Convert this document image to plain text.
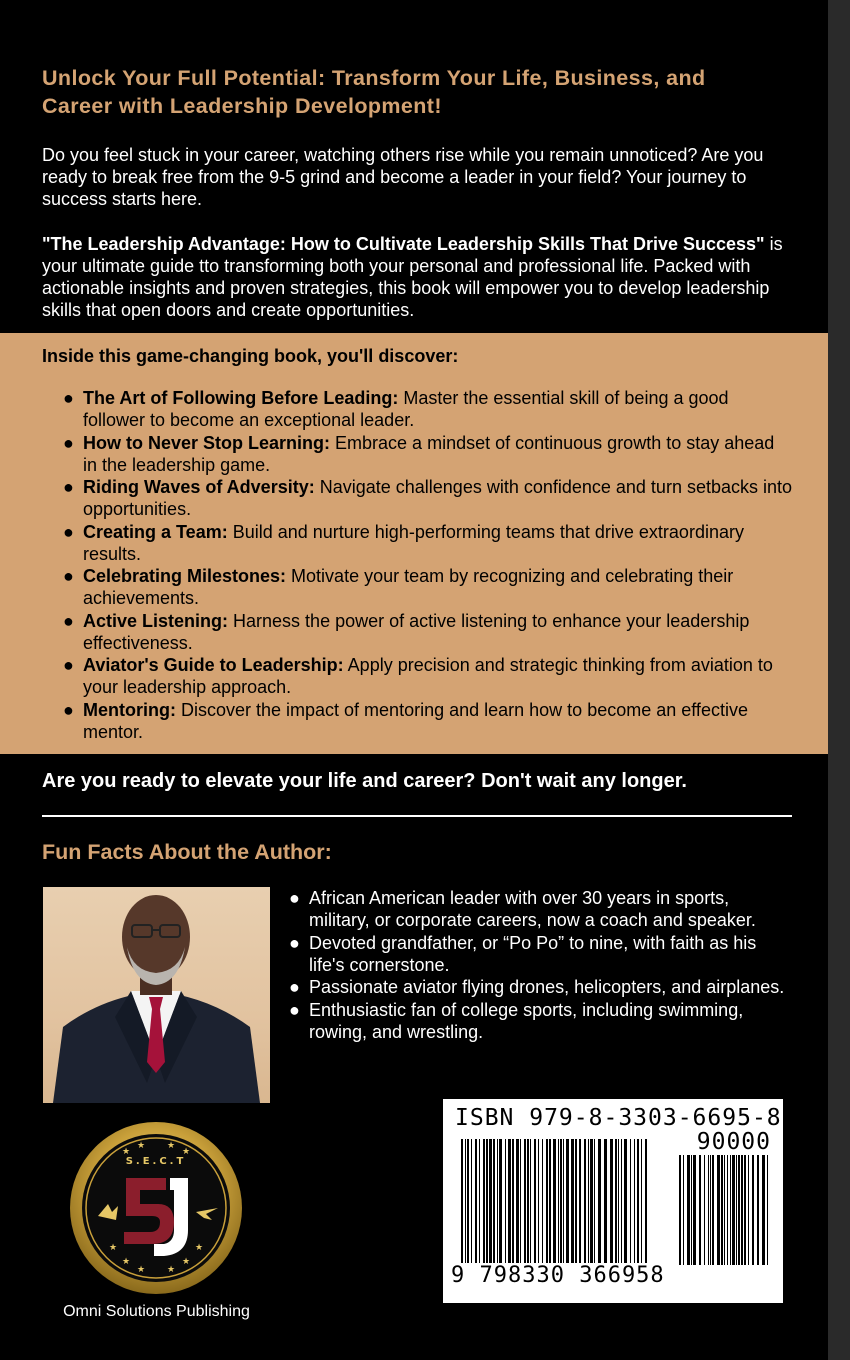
Unlock Your Full Potential: Transform Your Life, Business, and
Career with Leadership Development!
Do you feel stuck in your career, watching others rise while you remain unnoticed? Are you ready to break free from the 9-5 grind and become a leader in your field? Your journey to success starts here.
"The Leadership Advantage: How to Cultivate Leadership Skills That Drive Success" is your ultimate guide tto transforming both your personal and professional life. Packed with actionable insights and proven strategies, this book will empower you to develop leadership skills that open doors and create opportunities.
Inside this game-changing book, you'll discover:
● The Art of Following Before Leading: Master the essential skill of being a good follower to become an exceptional leader.
● How to Never Stop Learning: Embrace a mindset of continuous growth to stay ahead in the leadership game.
● Riding Waves of Adversity: Navigate challenges with confidence and turn setbacks into opportunities.
● Creating a Team: Build and nurture high-performing teams that drive extraordinary results.
● Celebrating Milestones: Motivate your team by recognizing and celebrating their achievements.
● Active Listening: Harness the power of active listening to enhance your leadership effectiveness.
● Aviator's Guide to Leadership: Apply precision and strategic thinking from aviation to your leadership approach.
● Mentoring: Discover the impact of mentoring and learn how to become an effective mentor.
Are you ready to elevate your life and career? Don't wait any longer.
Fun Facts About the Author:
● African American leader with over 30 years in sports, military, or corporate careers, now a coach and speaker.
● Devoted grandfather, or “Po Po” to nine, with faith as his life's cornerstone.
● Passionate aviator flying drones, helicopters, and airplanes.
● Enthusiastic fan of college sports, including swimming, rowing, and wrestling.
S.E.C.T
★
★ ★
★
★
★
★ ★
★
★
Omni Solutions Publishing
ISBN 979-8-3303-6695-8
90000
9 798330 366958
